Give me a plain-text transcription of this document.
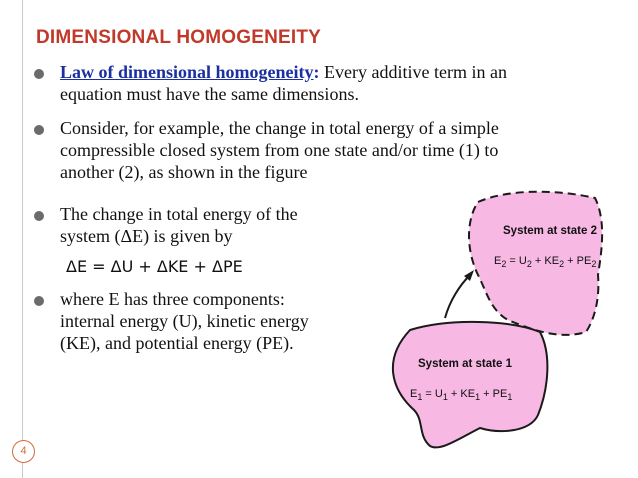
DIMENSIONAL HOMOGENEITY
Law of dimensional homogeneity: Every additive term in an
equation must have the same dimensions.
Consider, for example, the change in total energy of a simple
compressible closed system from one state and/or time (1) to
another (2), as shown in the figure
The change in total energy of the
system (ΔE) is given by
ΔE = ΔU + ΔKE + ΔPE
where E has three components:
internal energy (U), kinetic energy
(KE), and potential energy (PE).
System at state 2
$E_2 = U_2 + KE_2 + PE_2$
System at state 1
$E_1 = U_1 + KE_1 + PE_1$
4
